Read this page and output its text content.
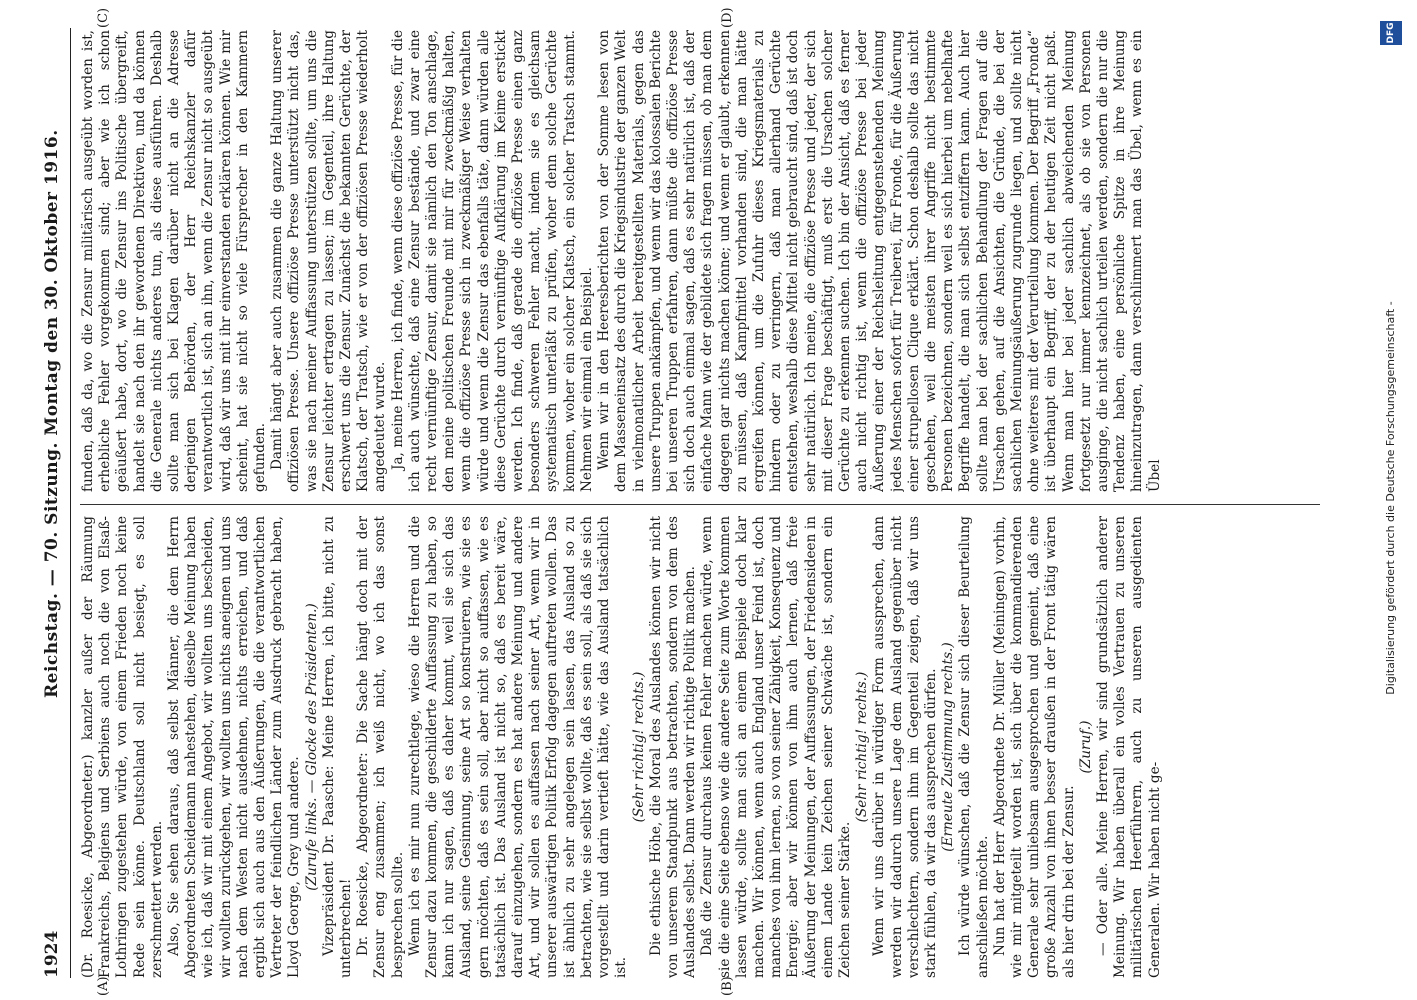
1924
Reichstag. — 70. Sitzung. Montag den 30. Oktober 1916.
(A)	(B)
(C)	(D)

(Dr. Roesicke, Abgeordneter.) kanzler außer der Räumung Frankreichs, Belgiens und Serbiens auch noch die von Elsaß-Lothringen zugestehen würde, von einem Frieden noch keine Rede sein könne. Deutschland soll nicht besiegt, es soll zerschmettert werden. Also, Sie sehen daraus, daß selbst Männer, die dem Herrn Abgeordneten Scheidemann nahestehen, dieselbe Meinung haben wie ich, daß wir mit einem Angebot, wir wollten uns bescheiden, wir wollten zurückgehen, wir wollten uns nichts aneignen und uns nach dem Westen nicht ausdehnen, nichts erreichen, und daß ergibt sich auch aus den Äußerungen, die die verantwortlichen Vertreter der feindlichen Länder zum Ausdruck gebracht haben, Lloyd George, Grey und andere. (Zurufe links. — Glocke des Präsidenten.) Vizepräsident Dr. Paasche: Meine Herren, ich bitte, nicht zu unterbrechen! Dr. Roesicke, Abgeordneter: Die Sache hängt doch mit der Zensur eng zusammen; ich weiß nicht, wo ich das sonst besprechen sollte. Wenn ich es mir nun zurechtlege, wieso die Herren und die Zensur dazu kommen, die geschilderte Auffassung zu haben, so kann ich nur sagen, daß es daher kommt, weil sie sich das Ausland, seine Gesinnung, seine Art so konstruieren, wie sie es gern möchten, daß es sein soll, aber nicht so auffassen, wie es tatsächlich ist. Das Ausland ist nicht so, daß es bereit wäre, darauf einzugehen, sondern es hat andere Meinung und andere Art, und wir sollen es auffassen nach seiner Art, wenn wir in unserer auswärtigen Politik Erfolg dagegen auftreten wollen. Das ist ähnlich zu sehr angelegen sein lassen, das Ausland so zu betrachten, wie sie selbst wollte, daß es sein soll, als daß sie sich vorgestellt und darin vertieft hätte, wie das Ausland tatsächlich ist.

(Sehr richtig! rechts.) Die ethische Höhe, die Moral des Auslandes können wir nicht von unserem Standpunkt aus betrachten, sondern von dem des Auslandes selbst. Dann werden wir richtige Politik machen. Daß die Zensur durchaus keinen Fehler machen würde, wenn sie die eine Seite ebenso wie die andere Seite zum Worte kommen lassen würde, sollte man sich an einem Beispiele doch klar machen. Wir können, wenn auch England unser Feind ist, doch manches von ihm lernen, so von seiner Zähigkeit, Konsequenz und Energie; aber wir können von ihm auch lernen, daß freie Äußerung der Meinungen, der Auffassungen, der Friedensideen in einem Lande kein Zeichen seiner Schwäche ist, sondern ein Zeichen seiner Stärke.

(Sehr richtig! rechts.) Wenn wir uns darüber in würdiger Form aussprechen, dann werden wir dadurch unsere Lage dem Ausland gegenüber nicht verschlechtern, sondern ihm im Gegenteil zeigen, daß wir uns stark fühlen, da wir das aussprechen dürfen. (Erneute Zustimmung rechts.) Ich würde wünschen, daß die Zensur sich dieser Beurteilung anschließen möchte. Nun hat der Herr Abgeordnete Dr. Müller (Meiningen) vorhin, wie mir mitgeteilt worden ist, sich über die kommandierenden Generale sehr unliebsam ausgesprochen und gemeint, daß eine große Anzahl von ihnen besser draußen in der Front tätig wären als hier drin bei der Zensur.

(Zuruf.) — Oder alle. Meine Herren, wir sind grundsätzlich anderer Meinung. Wir haben überall ein volles Vertrauen zu unseren militärischen Heerführern, auch zu unseren ausgedienten Generalen. Wir haben nicht ge-

funden, daß da, wo die Zensur militärisch ausgeübt worden ist, erhebliche Fehler vorgekommen sind; aber wie ich schon geäußert habe, dort, wo die Zensur ins Politische übergreift, handelt sie nach den ihr gewordenen Direktiven, und da können die Generale nichts anderes tun, als diese ausführen. Deshalb sollte man sich bei Klagen darüber nicht an die Adresse derjenigen Behörden, der Herr Reichskanzler dafür verantwortlich ist, sich an ihn, wenn die Zensur nicht so ausgeübt wird, daß wir uns mit ihr einverstanden erklären können. Wie mir scheint, hat sie nicht so viele Fürsprecher in den Kammern gefunden. Damit hängt aber auch zusammen die ganze Haltung unserer offiziösen Presse. Unsere offiziöse Presse unterstützt nicht das, was sie nach meiner Auffassung unterstützen sollte, um uns die Zensur leichter ertragen zu lassen; im Gegenteil, ihre Haltung erschwert uns die Zensur. Zunächst die bekannten Gerüchte, der Klatsch, der Tratsch, wie er von der offiziösen Presse wiederholt angedeutet wurde. Ja, meine Herren, ich finde, wenn diese offiziöse Presse, für die ich auch wünschte, daß eine Zensur bestände, und zwar eine recht vernünftige Zensur, damit sie nämlich den Ton anschlage, den meine politischen Freunde mit mir für zweckmäßig halten, wenn die offiziöse Presse sich in zweckmäßiger Weise verhalten würde und wenn die Zensur das ebenfalls täte, dann würden alle diese Gerüchte durch vernünftige Aufklärung im Keime erstickt werden. Ich finde, daß gerade die offiziöse Presse einen ganz besonders schweren Fehler macht, indem sie es gleichsam systematisch unterläßt zu prüfen, woher denn solche Gerüchte kommen, woher ein solcher Klatsch, ein solcher Tratsch stammt. Nehmen wir einmal ein Beispiel. Wenn wir in den Heeresberichten von der Somme lesen von dem Masseneinsatz des durch die Kriegsindustrie der ganzen Welt in vielmonatlicher Arbeit bereitgestellten Materials, gegen das unsere Truppen ankämpfen, und wenn wir das kolossalen Berichte bei unseren Truppen erfahren, dann müßte die offiziöse Presse sich doch auch einmal sagen, daß es sehr natürlich ist, daß der einfache Mann wie der gebildete sich fragen müssen, ob man dem dagegen gar nichts machen könne; und wenn er glaubt, erkennen zu müssen, daß Kampfmittel vorhanden sind, die man hätte ergreifen können, um die Zufuhr dieses Kriegsmaterials zu hindern oder zu verringern, daß man allerhand Gerüchte entstehen, weshalb diese Mittel nicht gebraucht sind, daß ist doch sehr natürlich. Ich meine, die offiziöse Presse und jeder, der sich mit dieser Frage beschäftigt, muß erst die Ursachen solcher Gerüchte zu erkennen suchen. Ich bin der Ansicht, daß es ferner auch nicht richtig ist, wenn die offiziöse Presse bei jeder Äußerung einer der Reichsleitung entgegenstehenden Meinung jedes Menschen sofort für Treiberei, für Fronde, für die Äußerung einer strupellosen Clique erklärt. Schon deshalb sollte das nicht geschehen, weil die meisten ihrer Angriffe nicht bestimmte Personen bezeichnen, sondern weil es sich hierbei um nebelhafte Begriffe handelt, die man sich selbst entziffern kann. Auch hier sollte man bei der sachlichen Behandlung der Fragen auf die Ursachen gehen, auf die Ansichten, die Gründe, die bei der sachlichen Meinungsäußerung zugrunde liegen, und sollte nicht ohne weiteres mit der Verurteilung kommen. Der Begriff „Fronde“ ist überhaupt ein Begriff, der zu der heutigen Zeit nicht paßt. Wenn man hier bei jeder sachlich abweichenden Meinung fortgesetzt nur immer kennzeichnet, als ob sie von Personen ausginge, die nicht sachlich urteilen werden, sondern die nur die Tendenz haben, eine persönliche Spitze in ihre Meinung hineinzutragen, dann verschlimmert man das Übel, wenn es ein Übel	Digitalisierung gefördert durch die Deutsche Forschungsgemeinschaft -
DFG
